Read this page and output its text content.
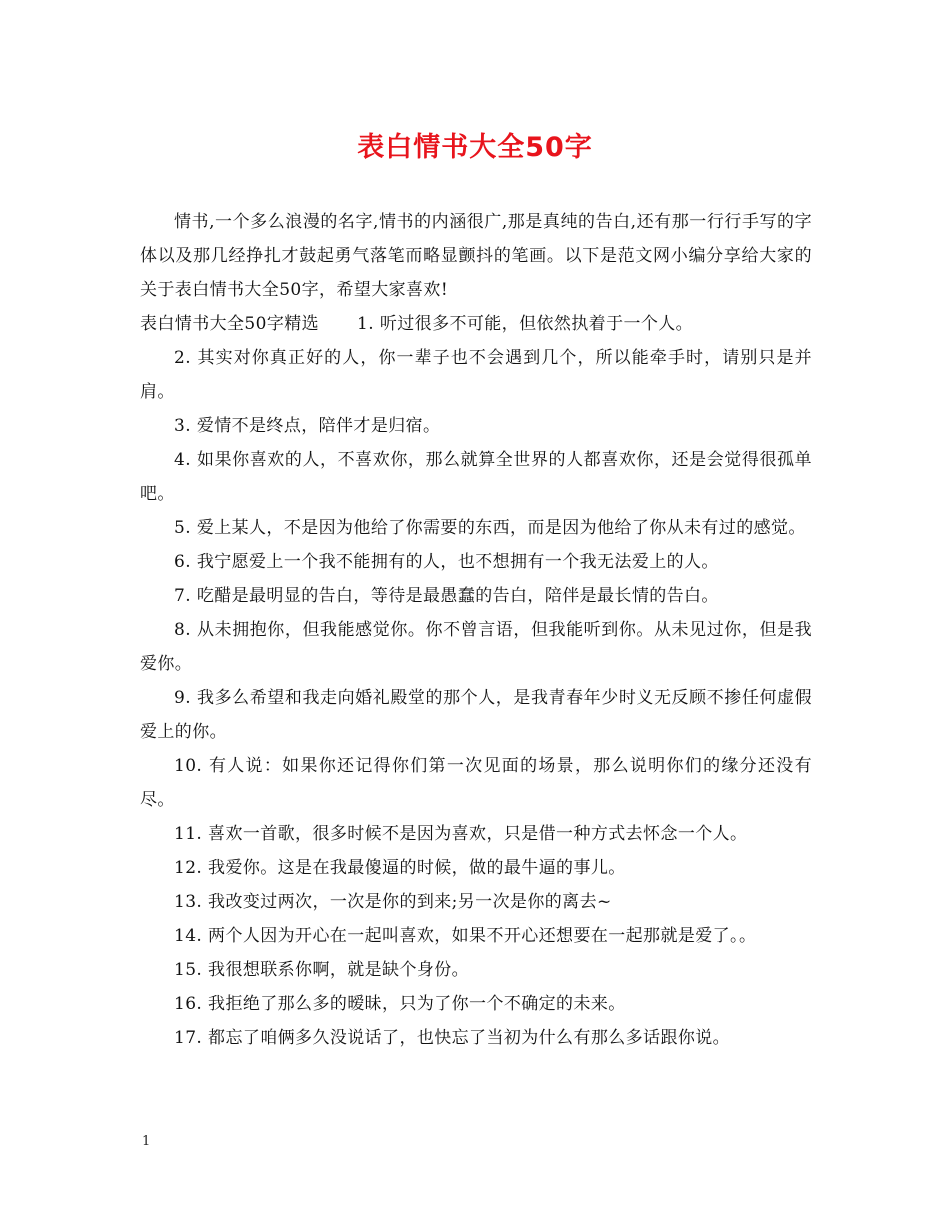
表白情书大全50字

情书,一个多么浪漫的名字,情书的内涵很广,那是真纯的告白,还有那一行行手写的字体以及那几经挣扎才鼓起勇气落笔而略显颤抖的笔画。以下是范文网小编分享给大家的关于表白情书大全50字，希望大家喜欢!

表白情书大全50字精选 1. 听过很多不可能，但依然执着于一个人。

2. 其实对你真正好的人，你一辈子也不会遇到几个，所以能牵手时，请别只是并肩。

3. 爱情不是终点，陪伴才是归宿。

4. 如果你喜欢的人，不喜欢你，那么就算全世界的人都喜欢你，还是会觉得很孤单吧。

5. 爱上某人，不是因为他给了你需要的东西，而是因为他给了你从未有过的感觉。

6. 我宁愿爱上一个我不能拥有的人，也不想拥有一个我无法爱上的人。

7. 吃醋是最明显的告白，等待是最愚蠢的告白，陪伴是最长情的告白。

8. 从未拥抱你，但我能感觉你。你不曾言语，但我能听到你。从未见过你，但是我爱你。

9. 我多么希望和我走向婚礼殿堂的那个人，是我青春年少时义无反顾不掺任何虚假爱上的你。

10. 有人说：如果你还记得你们第一次见面的场景，那么说明你们的缘分还没有尽。

11. 喜欢一首歌，很多时候不是因为喜欢，只是借一种方式去怀念一个人。

12. 我爱你。这是在我最傻逼的时候，做的最牛逼的事儿。

13. 我改变过两次，一次是你的到来;另一次是你的离去~

14. 两个人因为开心在一起叫喜欢，如果不开心还想要在一起那就是爱了。。

15. 我很想联系你啊，就是缺个身份。

16. 我拒绝了那么多的暧昧，只为了你一个不确定的未来。

17. 都忘了咱俩多久没说话了，也快忘了当初为什么有那么多话跟你说。

1
